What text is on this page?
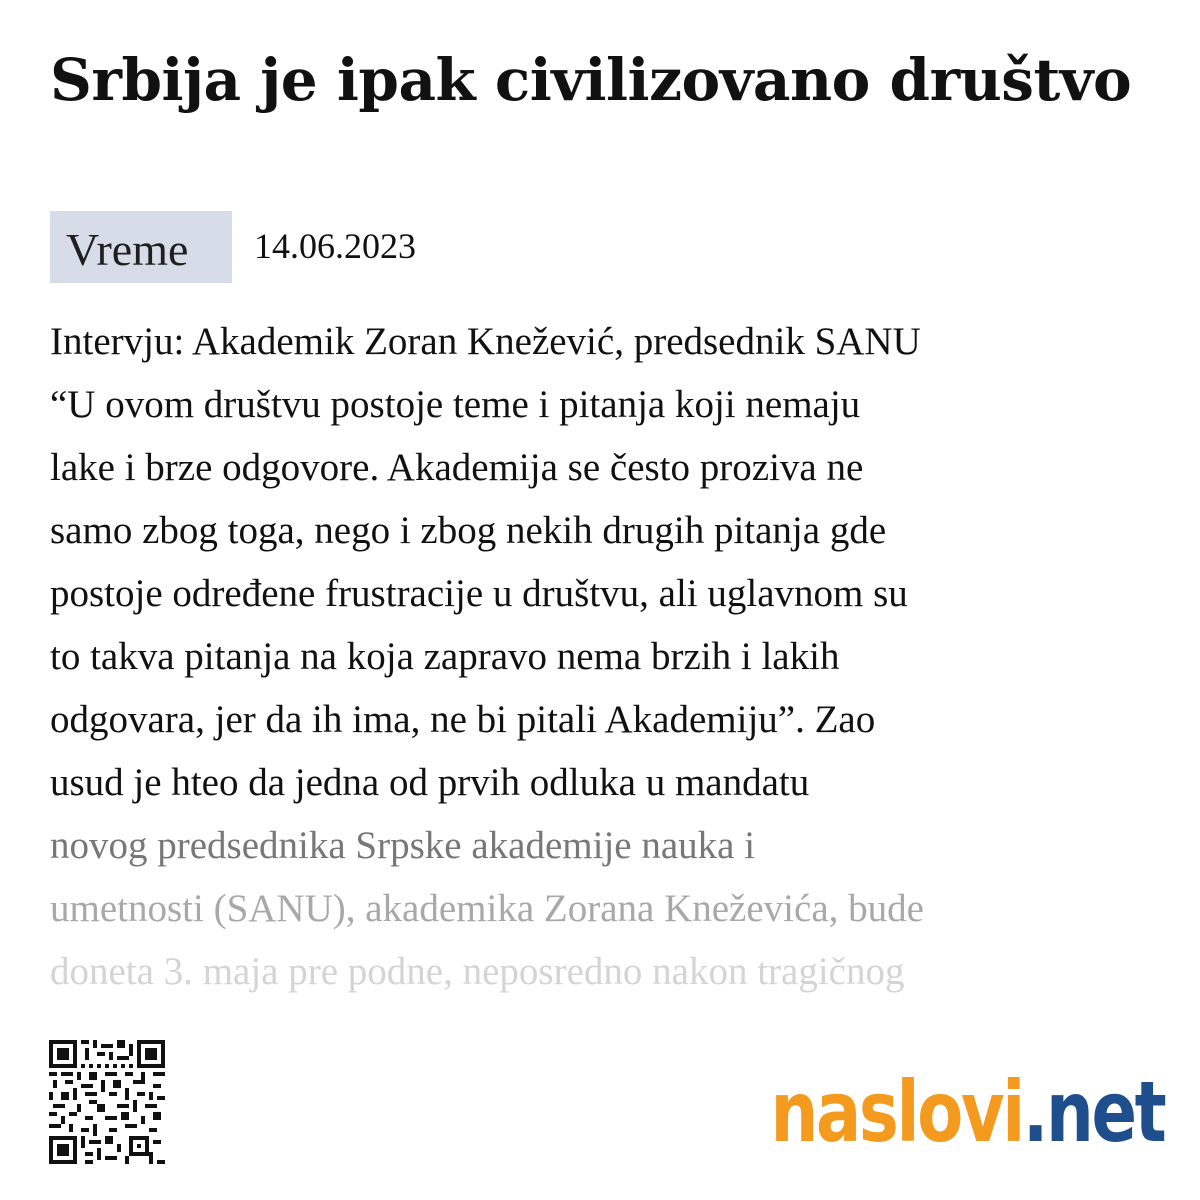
Srbija je ipak civilizovano društvo
Vreme	14.06.2023
Intervju: Akademik Zoran Knežević, predsednik SANU
“U ovom društvu postoje teme i pitanja koji nemaju
lake i brze odgovore. Akademija se često proziva ne
samo zbog toga, nego i zbog nekih drugih pitanja gde
postoje određene frustracije u društvu, ali uglavnom su
to takva pitanja na koja zapravo nema brzih i lakih
odgovara, jer da ih ima, ne bi pitali Akademiju”. Zao
usud je hteo da jedna od prvih odluka u mandatu
novog predsednika Srpske akademije nauka i
umetnosti (SANU), akademika Zorana Kneževića, bude
doneta 3. maja pre podne, neposredno nakon tragičnog
naslovi.net
